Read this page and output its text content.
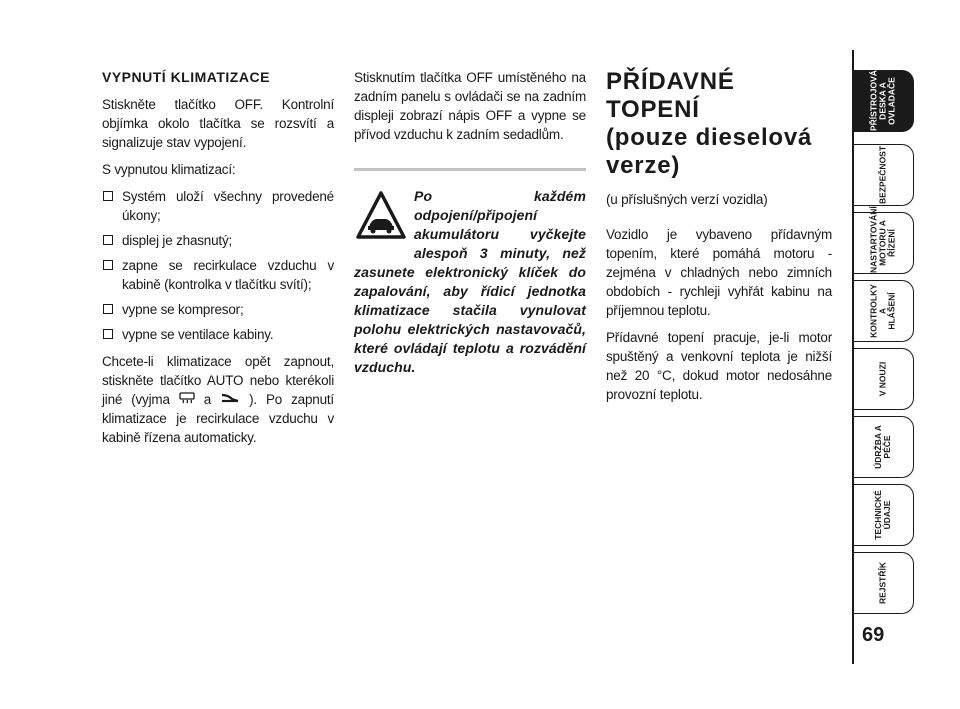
VYPNUTÍ KLIMATIZACE

Stiskněte tlačítko OFF. Kontrolní objímka okolo tlačítka se rozsvítí a signalizuje stav vypojení.

S vypnutou klimatizací:

Systém uloží všechny provedené úkony;
displej je zhasnutý;
zapne se recirkulace vzduchu v kabině (kontrolka v tlačítku svítí);
vypne se kompresor;
vypne se ventilace kabiny.

Chcete-li klimatizace opět zapnout, stiskněte tlačítko AUTO nebo kterékoli jiné (vyjma	a	). Po zapnutí klimatizace je recirkulace vzduchu v kabině řízena automaticky.

Stisknutím tlačítka OFF umístěného na zadním panelu s ovládači se na zadním displeji zobrazí nápis OFF a vypne se přívod vzduchu k zadním sedadlům.

Po každém odpojení/připojení akumulátoru vyčkejte alespoň 3 minuty, než zasunete elektronický klíček do zapalování, aby řídicí jednotka klimatizace stačila vynulovat polohu elektrických nastavovačů, které ovládají teplotu a rozvádění vzduchu.
PŘÍDAVNÉ TOPENÍ
(pouze dieselová
verze)
(u příslušných verzí vozidla)

Vozidlo je vybaveno přídavným topením, které pomáhá motoru - zejména v chladných nebo zimních obdobích - rychleji vyhřát kabinu na příjemnou teplotu.

Přídavné topení pracuje, je-li motor spuštěný a venkovní teplota je nižší než 20 °C, dokud motor nedosáhne provozní teplotu.

PŘÍSTROJOVÁ
DESKA A
OVLADAČE
BEZPEČNOST
NASTARTOVÁNÍ
MOTORU A
ŘÍZENÍ
KONTROLKY A
HLÁŠENÍ
V NOUZI
ÚDRŽBA A
PÉČE
TECHNICKÉ
ÚDAJE
REJSTŘÍK
69
